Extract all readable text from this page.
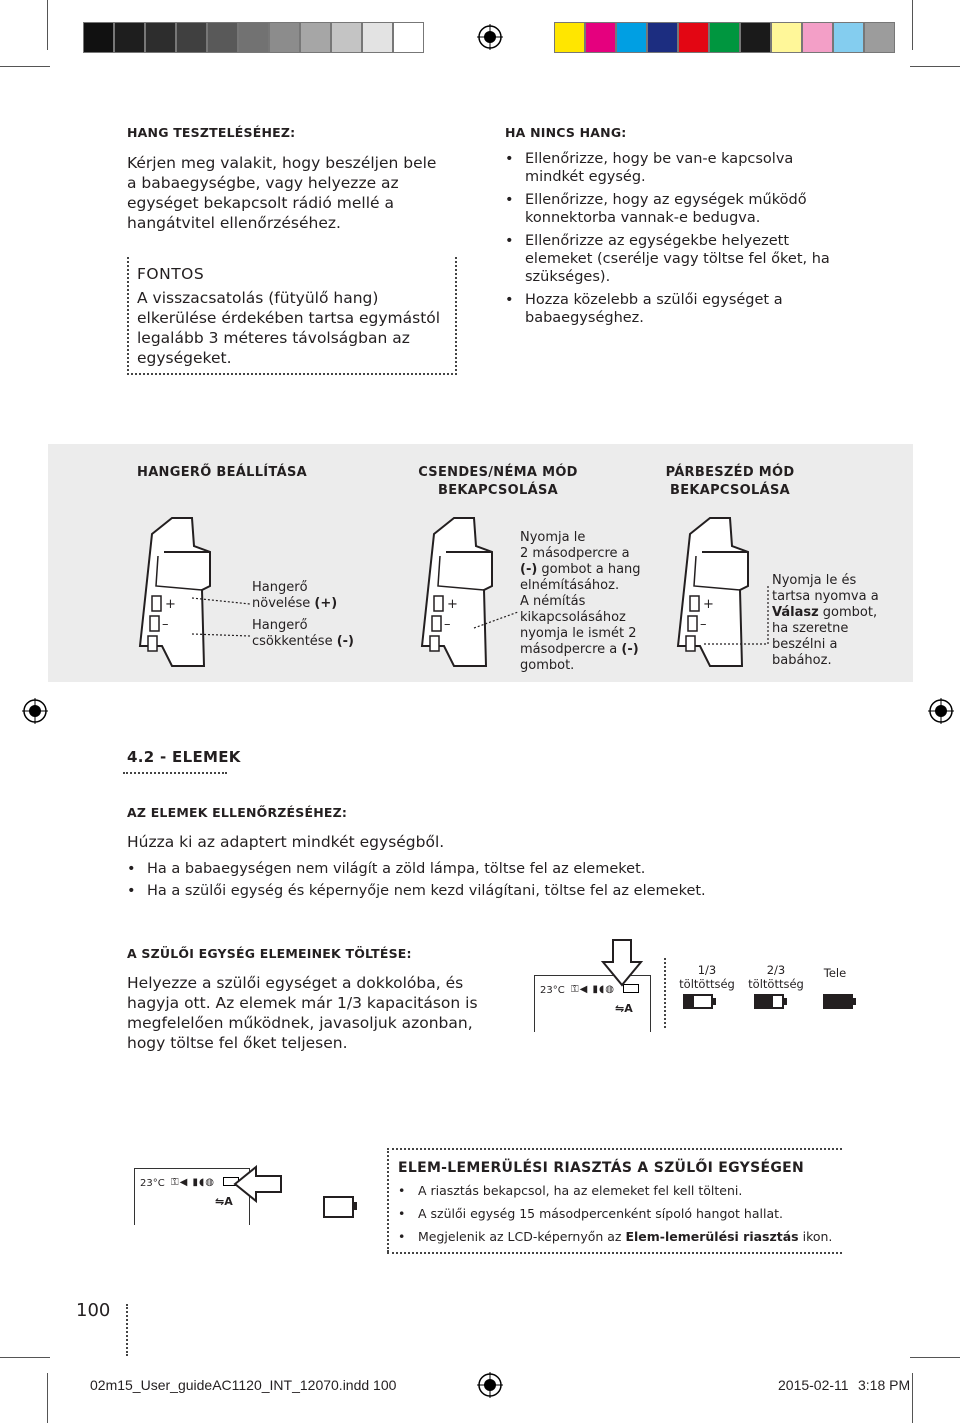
HANG TESZTELÉSÉHEZ:
Kérjen meg valakit, hogy beszéljen bele a babaegységbe, vagy helyezze az egységet bekapcsolt rádió mellé a hangátvitel ellenőrzéséhez.
FONTOS
A visszacsatolás (fütyülő hang) elkerülése érdekében tartsa egymástól legalább 3 méteres távolságban az egységeket.
HA NINCS HANG:
• Ellenőrizze, hogy be van-e kapcsolva mindkét egység.
• Ellenőrizze, hogy az egységek működő konnektorba vannak-e bedugva.
• Ellenőrizze az egységekbe helyezett elemeket (cserélje vagy töltse fel őket, ha szükséges).
• Hozza közelebb a szülői egységet a babaegységhez.
HANGERŐ BEÁLLÍTÁSA	CSENDES/NÉMA MÓD
BEKAPCSOLÁSA
PÁRBESZÉD MÓD
BEKAPCSOLÁSA
+
–
Hangerő
növelése (+)
Hangerő
csökkentése (-)
+
–
Nyomja le
2 másodpercre a
(-) gombot a hang
elnémításához.
A némítás
kikapcsolásához
nyomja le ismét 2
másodpercre a (-)
gombot.
+
–
Nyomja le és
tartsa nyomva a
Válasz gombot,
ha szeretne
beszélni a
babához.
4.2 - ELEMEK
AZ ELEMEK ELLENŐRZÉSÉHEZ:
Húzza ki az adaptert mindkét egységből.
• Ha a babaegységen nem világít a zöld lámpa, töltse fel az elemeket.
• Ha a szülői egység és képernyője nem kezd világítani, töltse fel az elemeket.
A SZÜLŐI EGYSÉG ELEMEINEK TÖLTÉSE:
Helyezze a szülői egységet a dokkolóba, és hagyja ott. Az elemek már 1/3 kapacitáson is megfelelően működnek, javasoljuk azonban, hogy töltse fel őket teljesen.
23°C ⚿◀ ▮◖◍
⇋A
1/3
töltöttség
2/3
töltöttség
Tele
23°C ⚿◀ ▮◖◍
⇋A
ELEM-LEMERÜLÉSI RIASZTÁS A SZÜLŐI EGYSÉGEN
• A riasztás bekapcsol, ha az elemeket fel kell tölteni.
• A szülői egység 15 másodpercenként sípoló hangot hallat.
• Megjelenik az LCD-képernyőn az Elem-lemerülési riasztás ikon.
100
02m15_User_guideAC1120_INT_12070.indd 100	2015-02-11 3:18 PM
